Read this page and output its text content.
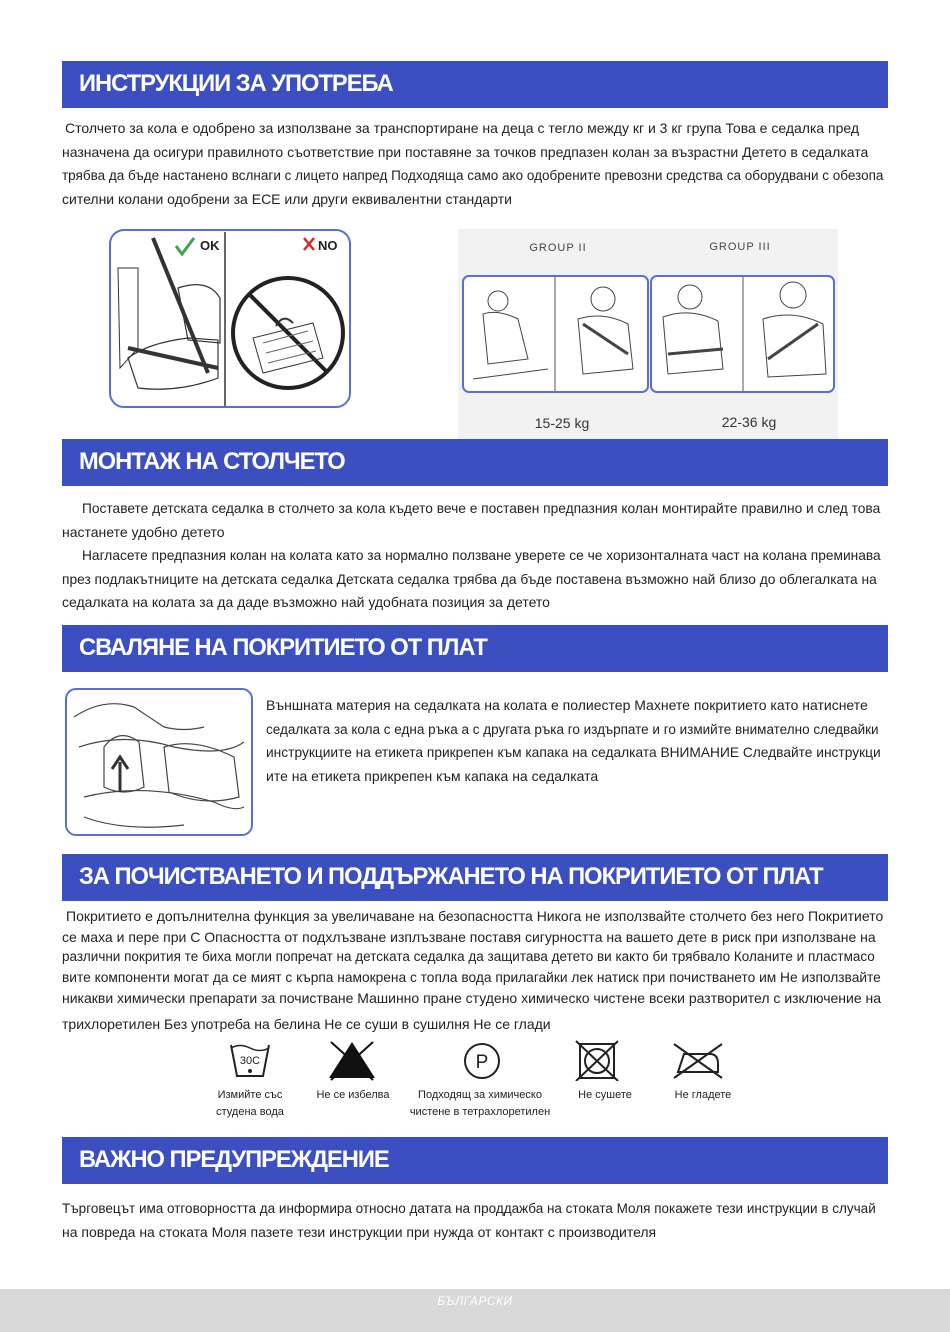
ИНСТРУКЦИИ ЗА УПОТРЕБА
Столчето за кола е одобрено за използване за транспортиране на деца с тегло между кг и 3 кг група Това е седалка пред
назначена да осигури правилното съответствие при поставяне за точков предпазен колан за възрастни Детето в седалката
трябва да бъде настанено вслнаги с лицето напред Подходяща само ако одобрените превозни средства са оборудвани с обезопа
сителни колани одобрени за ECE или други еквивалентни стандарти
OK	NO	GROUP II	GROUP III
15-25 kg	22-36 kg
МОНТАЖ НА СТОЛЧЕТО
Поставете детската седалка в столчето за кола където вече е поставен предпазния колан монтирайте правилно и след това
настанете удобно детето
Нагласете предпазния колан на колата като за нормално ползване уверете се че хоризонталната част на колана преминава
през подлакътниците на детската седалка Детската седалка трябва да бъде поставена възможно най близо до облегалката на
седалката на колата за да даде възможно най удобната позиция за детето
СВАЛЯНЕ НА ПОКРИТИЕТО ОТ ПЛАТ
Външната материя на седалката на колата е полиестер Махнете покритието като натиснете
седалката за кола с една ръка а с другата ръка го издърпате и го измийте внимателно следвайки
инструкциите на етикета прикрепен към капака на седалката ВНИМАНИЕ Следвайте инструкци
ите на етикета прикрепен към капака на седалката
ЗА ПОЧИСТВАНЕТО И ПОДДЪРЖАНЕТО НА ПОКРИТИЕТО ОТ ПЛАТ
Покритието е допълнителна функция за увеличаване на безопасността Никога не използвайте столчето без него Покритието
се маха и пере при С Опасността от подхлъзване изплъзване поставя сигурността на вашето дете в риск при използване на
различни покрития те биха могли попречат на детската седалка да защитава детето ви както би трябвало Коланите и пластмасо
вите компоненти могат да се мият с кърпа намокрена с топла вода прилагайки лек натиск при почистването им Не използвайте
никакви химически препарати за почистване Машинно пране студено химическо чистене всеки разтворител с изключение на
трихлоретилен Без употреба на белина Не се суши в сушилня Не се глади
30C	P
Измийте със
студена вода
Не се избелва	Подходящ за химическо
чистене в тетрахлоретилен
Не сушете	Не гладете
ВАЖНО ПРЕДУПРЕЖДЕНИЕ
Търговецът има отговорността да информира относно датата на проддажба на стоката Моля покажете тези инструкции в случай
на повреда на стоката Моля пазете тези инструкции при нужда от контакт с производителя
БЪЛГАРСКИ
